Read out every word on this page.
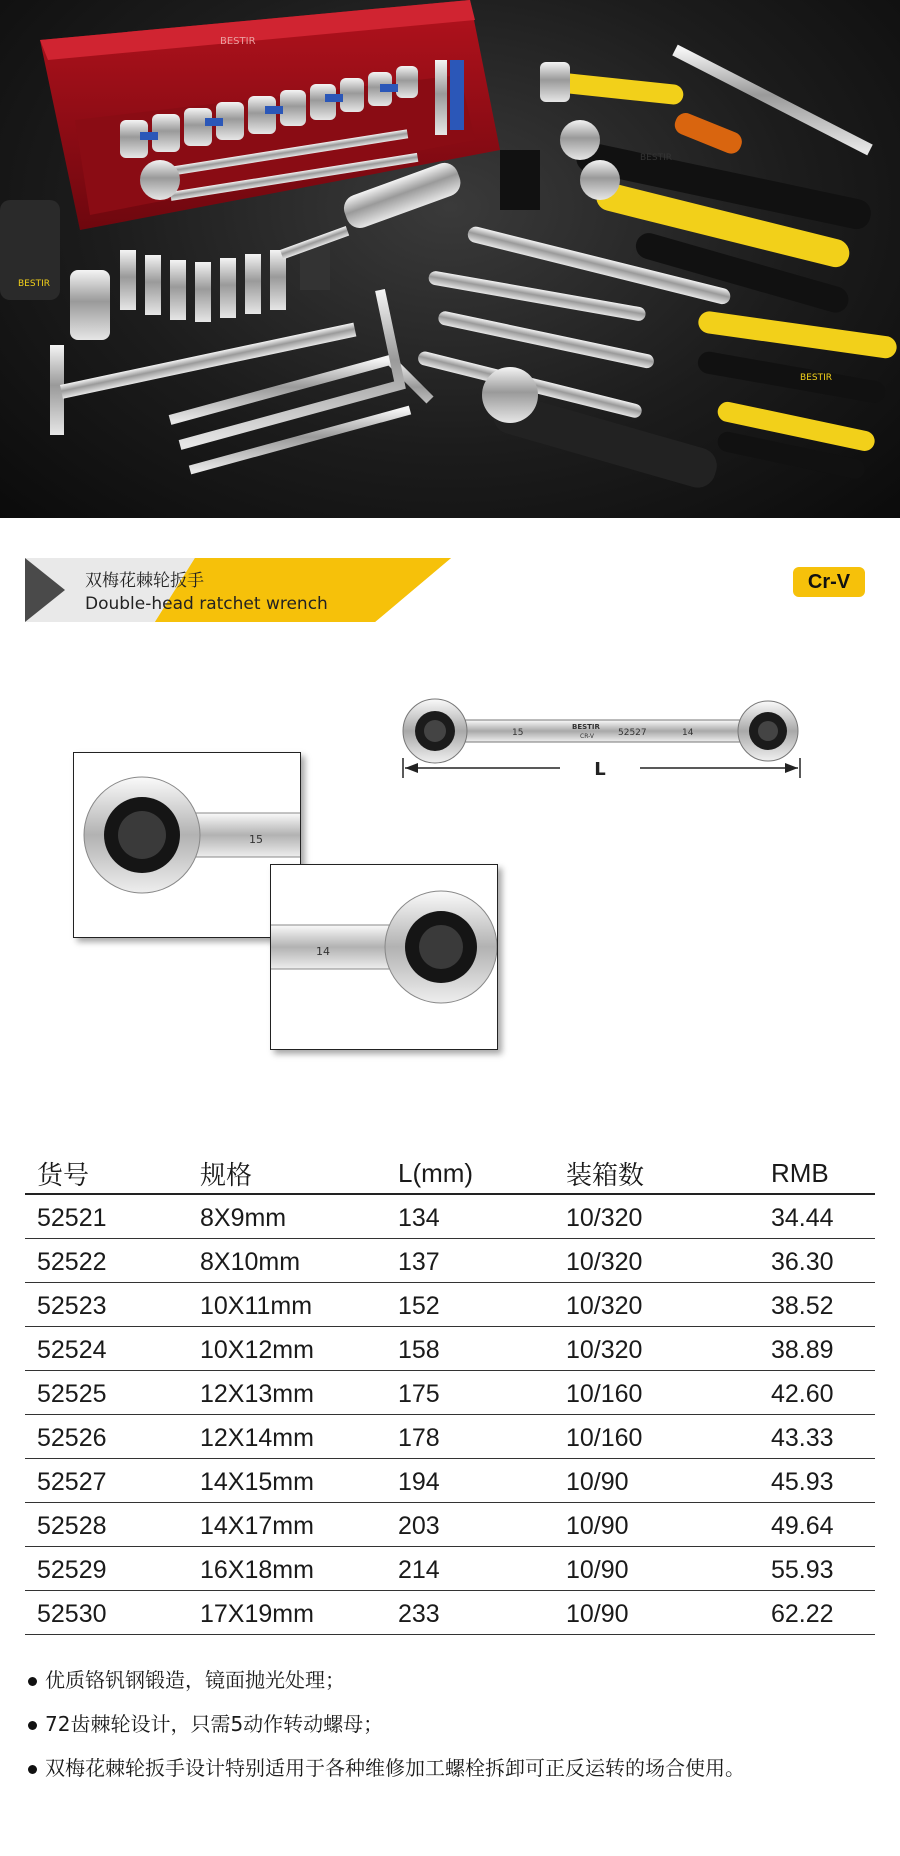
BESTIR
BESTIR
BESTIR
BESTIR
双梅花棘轮扳手
Double-head ratchet wrench
Cr-V
15
BESTIR
CR-V	52527	14
L
15
14
货号	规格	L(mm)	装箱数	RMB
52521	8X9mm	134	10/320	34.44
52522	8X10mm	137	10/320	36.30
52523	10X11mm	152	10/320	38.52
52524	10X12mm	158	10/320	38.89
52525	12X13mm	175	10/160	42.60
52526	12X14mm	178	10/160	43.33
52527	14X15mm	194	10/90	45.93
52528	14X17mm	203	10/90	49.64
52529	16X18mm	214	10/90	55.93
52530	17X19mm	233	10/90	62.22
优质铬钒钢锻造，镜面抛光处理；
72齿棘轮设计，只需5动作转动螺母；
双梅花棘轮扳手设计特别适用于各种维修加工螺栓拆卸可正反运转的场合使用。
